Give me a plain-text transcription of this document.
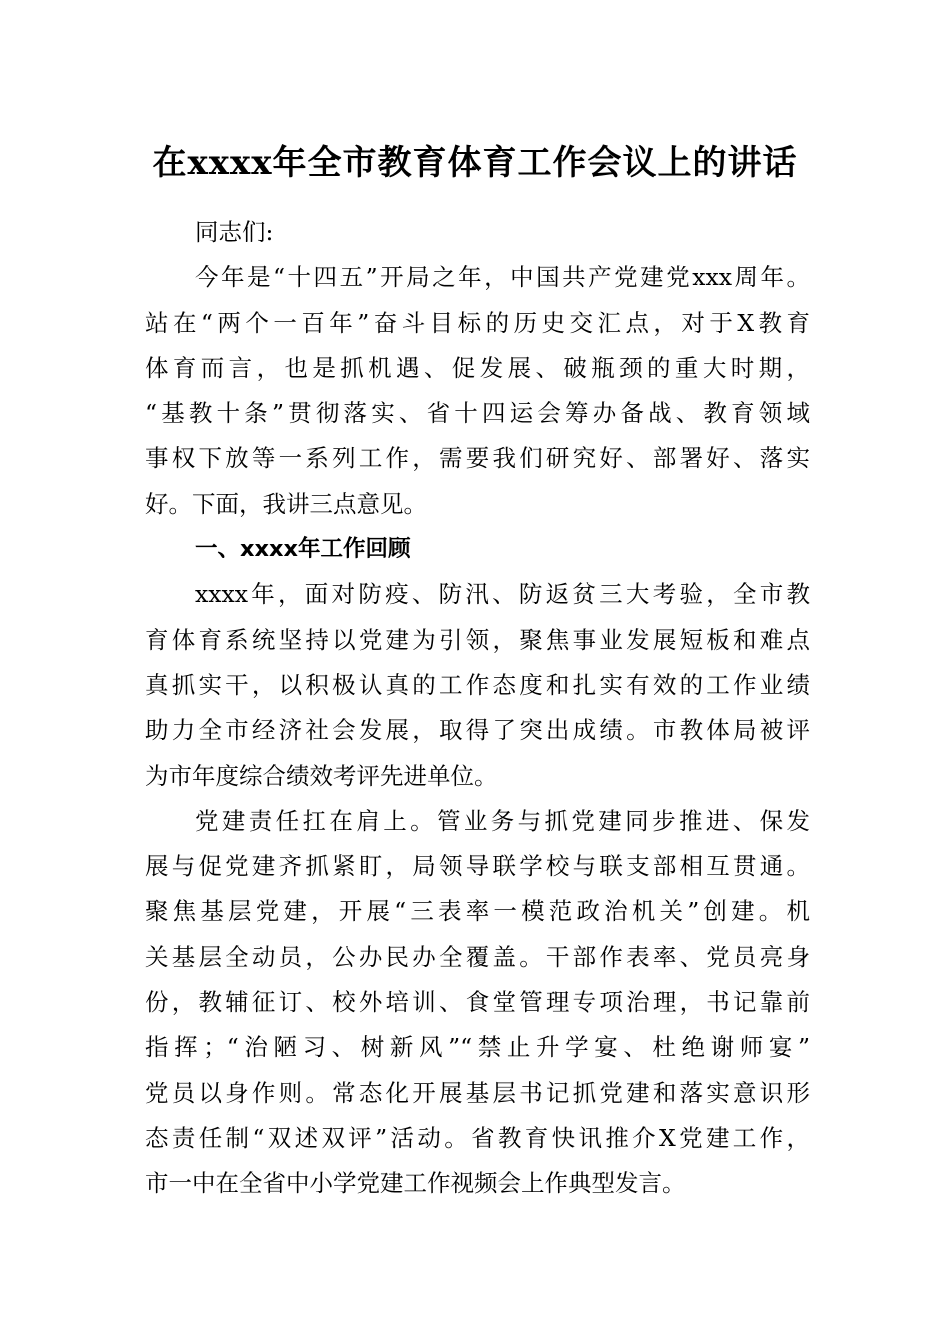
在xxxx年全市教育体育工作会议上的讲话
同志们:
今年是“十四五”开局之年，中国共产党建党xxx周年。
站在“两个一百年”奋斗目标的历史交汇点，对于X教育
体育而言，也是抓机遇、促发展、破瓶颈的重大时期，
“基教十条”贯彻落实、省十四运会筹办备战、教育领域
事权下放等一系列工作，需要我们研究好、部署好、落实
好。下面，我讲三点意见。
一、xxxx年工作回顾
xxxx年，面对防疫、防汛、防返贫三大考验，全市教
育体育系统坚持以党建为引领，聚焦事业发展短板和难点
真抓实干，以积极认真的工作态度和扎实有效的工作业绩
助力全市经济社会发展，取得了突出成绩。市教体局被评
为市年度综合绩效考评先进单位。
党建责任扛在肩上。管业务与抓党建同步推进、保发
展与促党建齐抓紧盯，局领导联学校与联支部相互贯通。
聚焦基层党建，开展“三表率一模范政治机关”创建。机
关基层全动员，公办民办全覆盖。干部作表率、党员亮身
份，教辅征订、校外培训、食堂管理专项治理，书记靠前
指挥；“治陋习、树新风”“禁止升学宴、杜绝谢师宴”
党员以身作则。常态化开展基层书记抓党建和落实意识形
态责任制“双述双评”活动。省教育快讯推介X党建工作，
市一中在全省中小学党建工作视频会上作典型发言。
